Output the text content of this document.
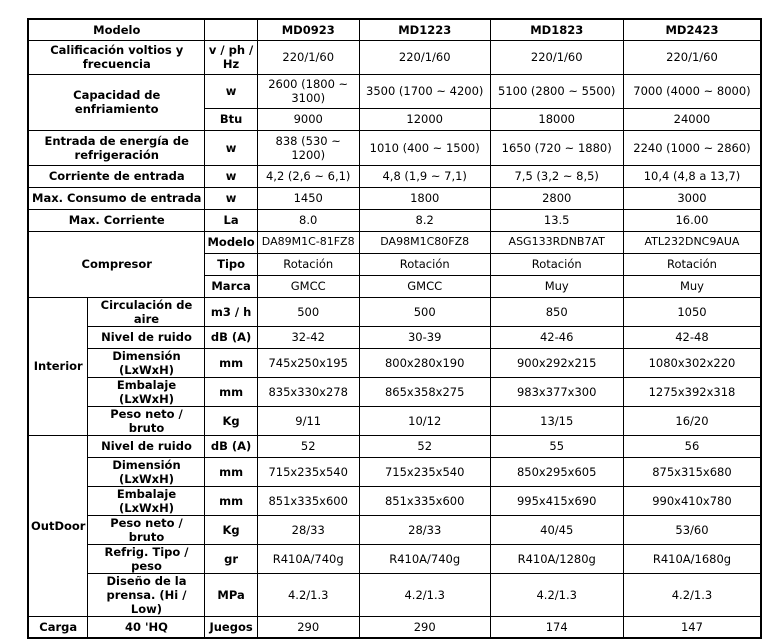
Modelo			MD0923	MD1223	MD1823	MD2423
Calificación voltios y frecuencia		v / ph / Hz	220/1/60	220/1/60	220/1/60	220/1/60
Capacidad de enfriamiento		w	2600 (1800 ~ 3100)	3500 (1700 ~ 4200)	5100 (2800 ~ 5500)	7000 (4000 ~ 8000)
		Btu	9000	12000	18000	24000
Entrada de energía de refrigeración		w	838 (530 ~ 1200)	1010 (400 ~ 1500)	1650 (720 ~ 1880)	2240 (1000 ~ 2860)
Corriente de entrada		w	4,2 (2,6 ~ 6,1)	4,8 (1,9 ~ 7,1)	7,5 (3,2 ~ 8,5)	10,4 (4,8 a 13,7)
Max. Consumo de entrada		w	1450	1800	2800	3000
Max. Corriente		La	8.0	8.2	13.5	16.00
Compresor		Modelo	DA89M1C-81FZ8	DA98M1C80FZ8	ASG133RDNB7AT	ATL232DNC9AUA
		Tipo	Rotación	Rotación	Rotación	Rotación
		Marca	GMCC	GMCC	Muy	Muy
Interior	Circulación de aire	m3 / h	500	500	850	1050
	Nivel de ruido	dB (A)	32-42	30-39	42-46	42-48
	Dimensión (LxWxH)	mm	745x250x195	800x280x190	900x292x215	1080x302x220
	Embalaje (LxWxH)	mm	835x330x278	865x358x275	983x377x300	1275x392x318
	Peso neto / bruto	Kg	9/11	10/12	13/15	16/20
OutDoor	Nivel de ruido	dB (A)	52	52	55	56
	Dimensión (LxWxH)	mm	715x235x540	715x235x540	850x295x605	875x315x680
	Embalaje (LxWxH)	mm	851x335x600	851x335x600	995x415x690	990x410x780
	Peso neto / bruto	Kg	28/33	28/33	40/45	53/60
	Refrig. Tipo / peso	gr	R410A/740g	R410A/740g	R410A/1280g	R410A/1680g
	Diseño de la prensa. (Hi / Low)	MPa	4.2/1.3	4.2/1.3	4.2/1.3	4.2/1.3
Carga	40 'HQ	Juegos	290	290	174	147
